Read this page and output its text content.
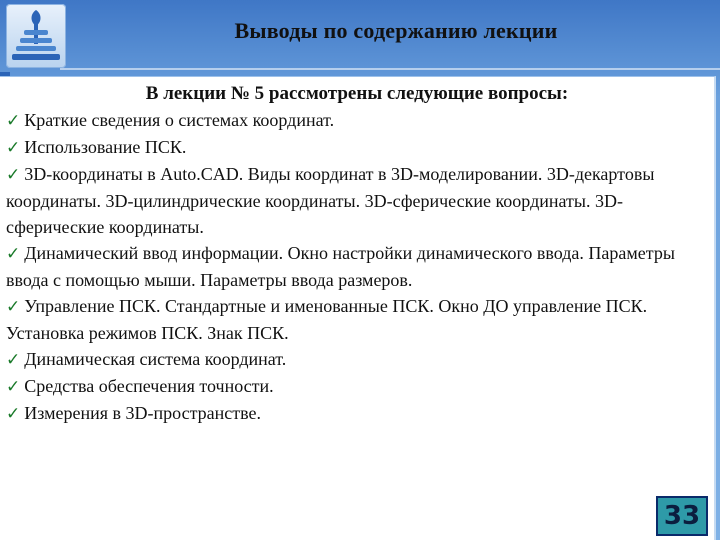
Выводы по содержанию лекции
В лекции № 5 рассмотрены следующие вопросы:
✓ Краткие сведения о системах координат.
✓ Использование ПСК.
✓ 3D-координаты в Auto.CAD. Виды координат в 3D-моделировании. 3D-декартовы координаты. 3D-цилиндрические координаты. 3D-сферические координаты. 3D-сферические координаты.
✓ Динамический ввод информации. Окно настройки динамического ввода. Параметры ввода с помощью мыши. Параметры ввода размеров.
✓ Управление ПСК. Стандартные и именованные ПСК. Окно ДО управление ПСК. Установка режимов ПСК. Знак ПСК.
✓ Динамическая система координат.
✓ Средства обеспечения точности.
✓ Измерения в 3D-пространстве.
33
